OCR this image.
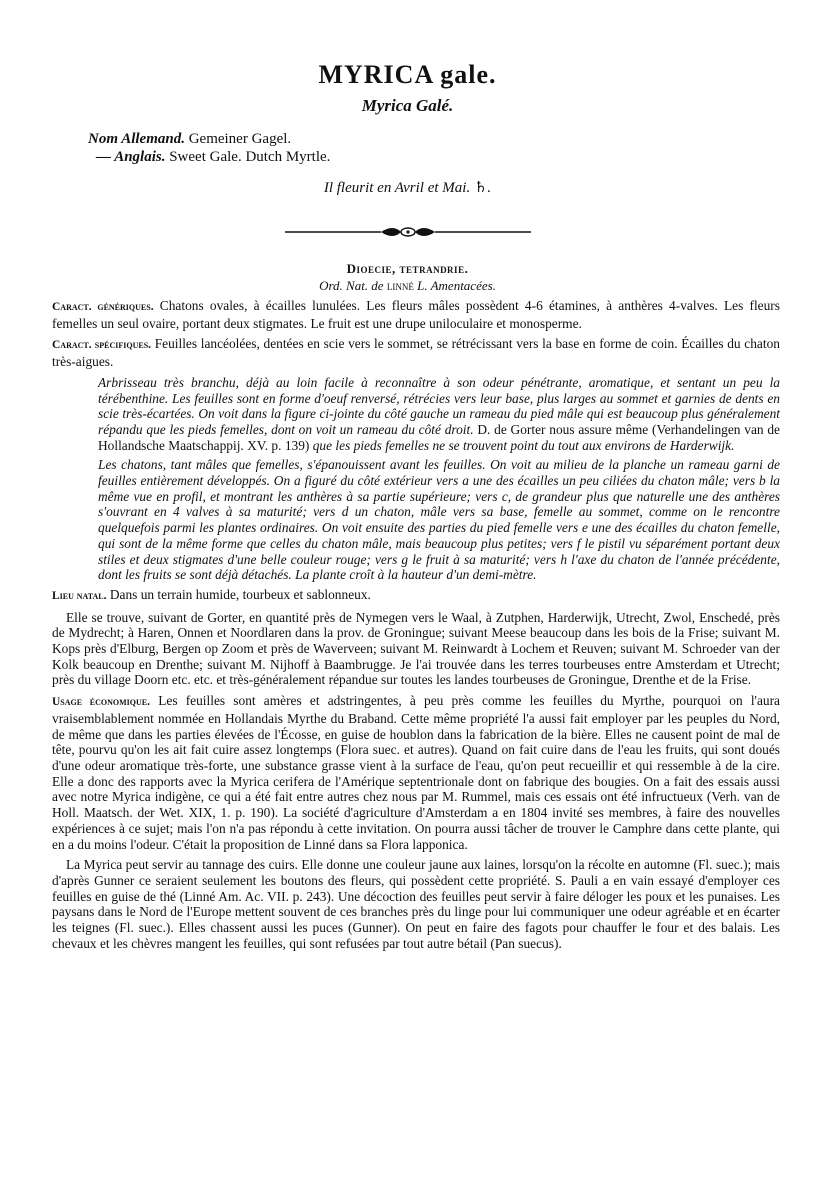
MYRICA gale.
Myrica Galé.
Nom Allemand. Gemeiner Gagel.
— Anglais. Sweet Gale. Dutch Myrtle.
Il fleurit en Avril et Mai. ♄.
Dioecie, tetrandrie.
Ord. Nat. de linné L. Amentacées.

Caract. génériques. Chatons ovales, à écailles lunulées. Les fleurs mâles possèdent 4-6 étamines, à anthères 4-valves. Les fleurs femelles un seul ovaire, portant deux stigmates. Le fruit est une drupe uniloculaire et monosperme.

Caract. spécifiques. Feuilles lancéolées, dentées en scie vers le sommet, se rétrécissant vers la base en forme de coin. Écailles du chaton très-aigues.

Arbrisseau très branchu, déjà au loin facile à reconnaître à son odeur pénétrante, aromatique, et sentant un peu la térébenthine. Les feuilles sont en forme d'oeuf renversé, rétrécies vers leur base, plus larges au sommet et garnies de dents en scie très-écartées. On voit dans la figure ci-jointe du côté gauche un rameau du pied mâle qui est beaucoup plus généralement répandu que les pieds femelles, dont on voit un rameau du côté droit. D. de Gorter nous assure même (Verhandelingen van de Hollandsche Maatschappij. XV. p. 139) que les pieds femelles ne se trouvent point du tout aux environs de Harderwijk.

Les chatons, tant mâles que femelles, s'épanouissent avant les feuilles. On voit au milieu de la planche un rameau garni de feuilles entièrement développés. On a figuré du côté extérieur vers a une des écailles un peu ciliées du chaton mâle; vers b la même vue en profil, et montrant les anthères à sa partie supérieure; vers c, de grandeur plus que naturelle une des anthères s'ouvrant en 4 valves à sa maturité; vers d un chaton, mâle vers sa base, femelle au sommet, comme on le rencontre quelquefois parmi les plantes ordinaires. On voit ensuite des parties du pied femelle vers e une des écailles du chaton femelle, qui sont de la même forme que celles du chaton mâle, mais beaucoup plus petites; vers f le pistil vu séparément portant deux stiles et deux stigmates d'une belle couleur rouge; vers g le fruit à sa maturité; vers h l'axe du chaton de l'année précédente, dont les fruits se sont déjà détachés. La plante croît à la hauteur d'un demi-mètre.

Lieu natal. Dans un terrain humide, tourbeux et sablonneux.

Elle se trouve, suivant de Gorter, en quantité près de Nymegen vers le Waal, à Zutphen, Harderwijk, Utrecht, Zwol, Enschedé, près de Mydrecht; à Haren, Onnen et Noordlaren dans la prov. de Groningue; suivant Meese beaucoup dans les bois de la Frise; suivant M. Kops près d'Elburg, Bergen op Zoom et près de Waverveen; suivant M. Reinwardt à Lochem et Reuven; suivant M. Schroeder van der Kolk beaucoup en Drenthe; suivant M. Nijhoff à Baambrugge. Je l'ai trouvée dans les terres tourbeuses entre Amsterdam et Utrecht; près du village Doorn etc. etc. et très-généralement répandue sur toutes les landes tourbeuses de Groningue, Drenthe et de la Frise.

Usage économique. Les feuilles sont amères et adstringentes, à peu près comme les feuilles du Myrthe, pourquoi on l'aura vraisemblablement nommée en Hollandais Myrthe du Braband. Cette même propriété l'a aussi fait employer par les peuples du Nord, de même que dans les parties élevées de l'Écosse, en guise de houblon dans la fabrication de la bière. Elles ne causent point de mal de tête, pourvu qu'on les ait fait cuire assez longtemps (Flora suec. et autres). Quand on fait cuire dans de l'eau les fruits, qui sont doués d'une odeur aromatique très-forte, une substance grasse vient à la surface de l'eau, qu'on peut recueillir et qui ressemble à de la cire. Elle a donc des rapports avec la Myrica cerifera de l'Amérique septentrionale dont on fabrique des bougies. On a fait des essais aussi avec notre Myrica indigène, ce qui a été fait entre autres chez nous par M. Rummel, mais ces essais ont été infructueux (Verh. van de Holl. Maatsch. der Wet. XIX, 1. p. 190). La société d'agriculture d'Amsterdam a en 1804 invité ses membres, à faire des nouvelles expériences à ce sujet; mais l'on n'a pas répondu à cette invitation. On pourra aussi tâcher de trouver le Camphre dans cette plante, qui en a du moins l'odeur. C'était la proposition de Linné dans sa Flora lapponica.

La Myrica peut servir au tannage des cuirs. Elle donne une couleur jaune aux laines, lorsqu'on la récolte en automne (Fl. suec.); mais d'après Gunner ce seraient seulement les boutons des fleurs, qui possèdent cette propriété. S. Pauli a en vain essayé d'employer ces feuilles en guise de thé (Linné Am. Ac. VII. p. 243). Une décoction des feuilles peut servir à faire déloger les poux et les punaises. Les paysans dans le Nord de l'Europe mettent souvent de ces branches près du linge pour lui communiquer une odeur agréable et en écarter les teignes (Fl. suec.). Elles chassent aussi les puces (Gunner). On peut en faire des fagots pour chauffer le four et des balais. Les chevaux et les chèvres mangent les feuilles, qui sont refusées par tout autre bétail (Pan suecus).
